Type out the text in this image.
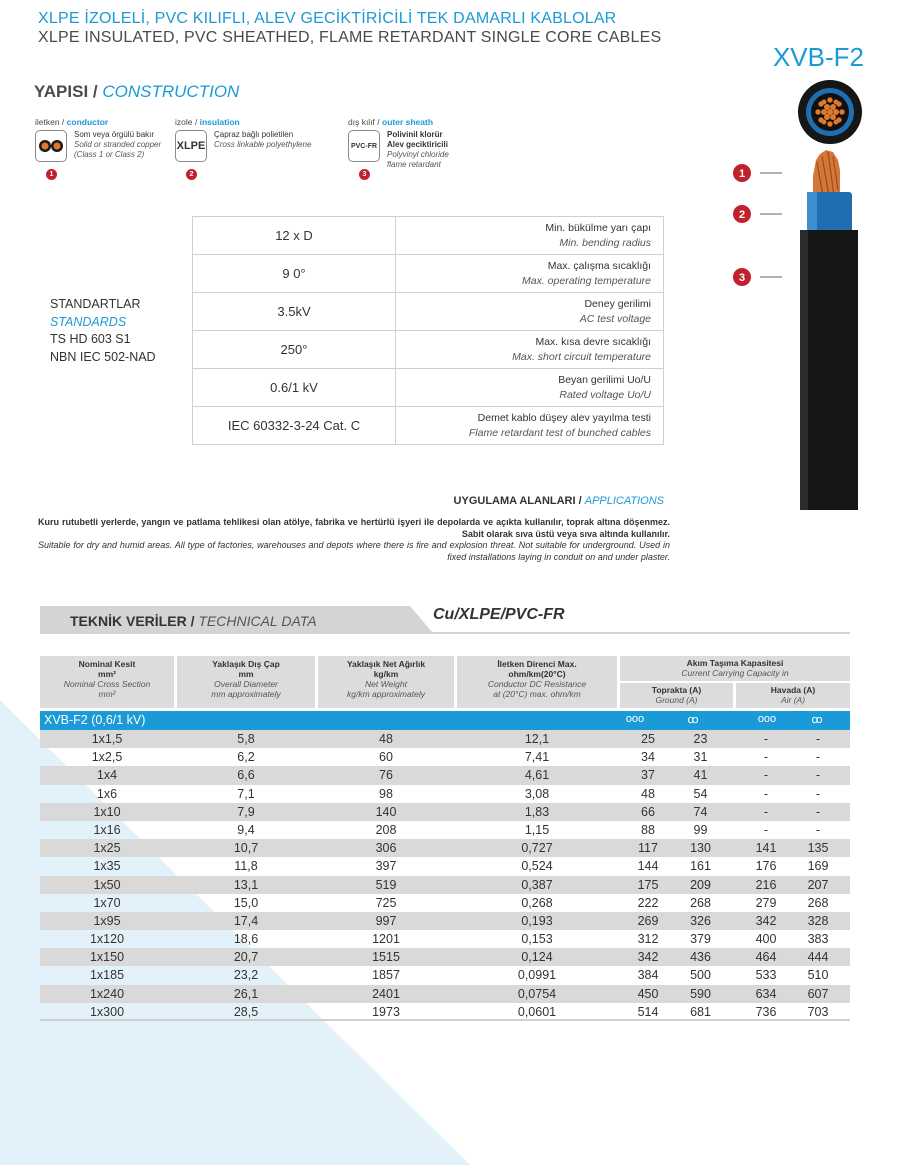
XLPE İZOLELİ, PVC KILIFLI, ALEV GECİKTİRİCİLİ TEK DAMARLI KABLOLAR
XLPE INSULATED, PVC SHEATHED, FLAME RETARDANT SINGLE CORE CABLES
XVB-F2
YAPISI / CONSTRUCTION
iletken / conductor
Som veya örgülü bakır
Solid or stranded copper
(Class 1 or Class 2)
1
izole / insulation
XLPE
Çapraz bağlı polietilen
Cross linkable polyethylene
2
dış kılıf / outer sheath
PVC-FR
Polivinil klorür
Alev geciktiricili
Polyvinyl chloride
flame retardant
3	1
2
3
STANDARTLAR
STANDARDS
TS HD 603 S1
NBN IEC 502-NAD
12 x D	Min. bükülme yarı çapı
Min. bending radius

9 0°	Max. çalışma sıcaklığı
Max. operating temperature

3.5kV	Deney gerilimi
AC test voltage

250°	Max. kısa devre sıcaklığı
Max. short circuit temperature

0.6/1 kV	Beyan gerilimi Uo/U
Rated voltage Uo/U

IEC 60332-3-24 Cat. C	Demet kablo düşey alev yayılma testi
Flame retardant test of bunched cables
UYGULAMA ALANLARI / APPLICATIONS
Kuru rutubetli yerlerde, yangın ve patlama tehlikesi olan atölye, fabrika ve hertürlü işyeri ile depolarda ve açıkta kullanılır, toprak altına döşenmez. Sabit olarak sıva üstü veya sıva altında kullanılır.
Suitable for dry and humid areas. All type of factories, warehouses and depots where there is fire and explosion threat. Not suitable for underground. Used in fixed installations laying in conduit on and under plaster.
TEKNİK VERİLER / TECHNICAL DATA	Cu/XLPE/PVC-FR
Nominal Kesit
mm²
Nominal Cross Section
mm²
Yaklaşık Dış Çap
mm
Overall Diameter
mm approximately
Yaklaşık Net Ağırlık
kg/km
Net Weight
kg/km approximately
İletken Direnci Max.
ohm/km(20°C)
Conductor DC Resistance
at (20°C) max. ohm/km
Akım Taşıma Kapasitesi
Current Carrying Capacity in
Toprakta (A)
Ground (A)
Havada (A)
Air (A)
XVB-F2 (0,6/1 kV)	ooo	ꝏ	ooo	ꝏ
1x1,5	5,8	48	12,1	25	23	-	-
1x2,5	6,2	60	7,41	34	31	-	-
1x4	6,6	76	4,61	37	41	-	-
1x6	7,1	98	3,08	48	54	-	-
1x10	7,9	140	1,83	66	74	-	-
1x16	9,4	208	1,15	88	99	-	-
1x25	10,7	306	0,727	117	130	141	135
1x35	11,8	397	0,524	144	161	176	169
1x50	13,1	519	0,387	175	209	216	207
1x70	15,0	725	0,268	222	268	279	268
1x95	17,4	997	0,193	269	326	342	328
1x120	18,6	1201	0,153	312	379	400	383
1x150	20,7	1515	0,124	342	436	464	444
1x185	23,2	1857	0,0991	384	500	533	510
1x240	26,1	2401	0,0754	450	590	634	607
1x300	28,5	1973	0,0601	514	681	736	703
